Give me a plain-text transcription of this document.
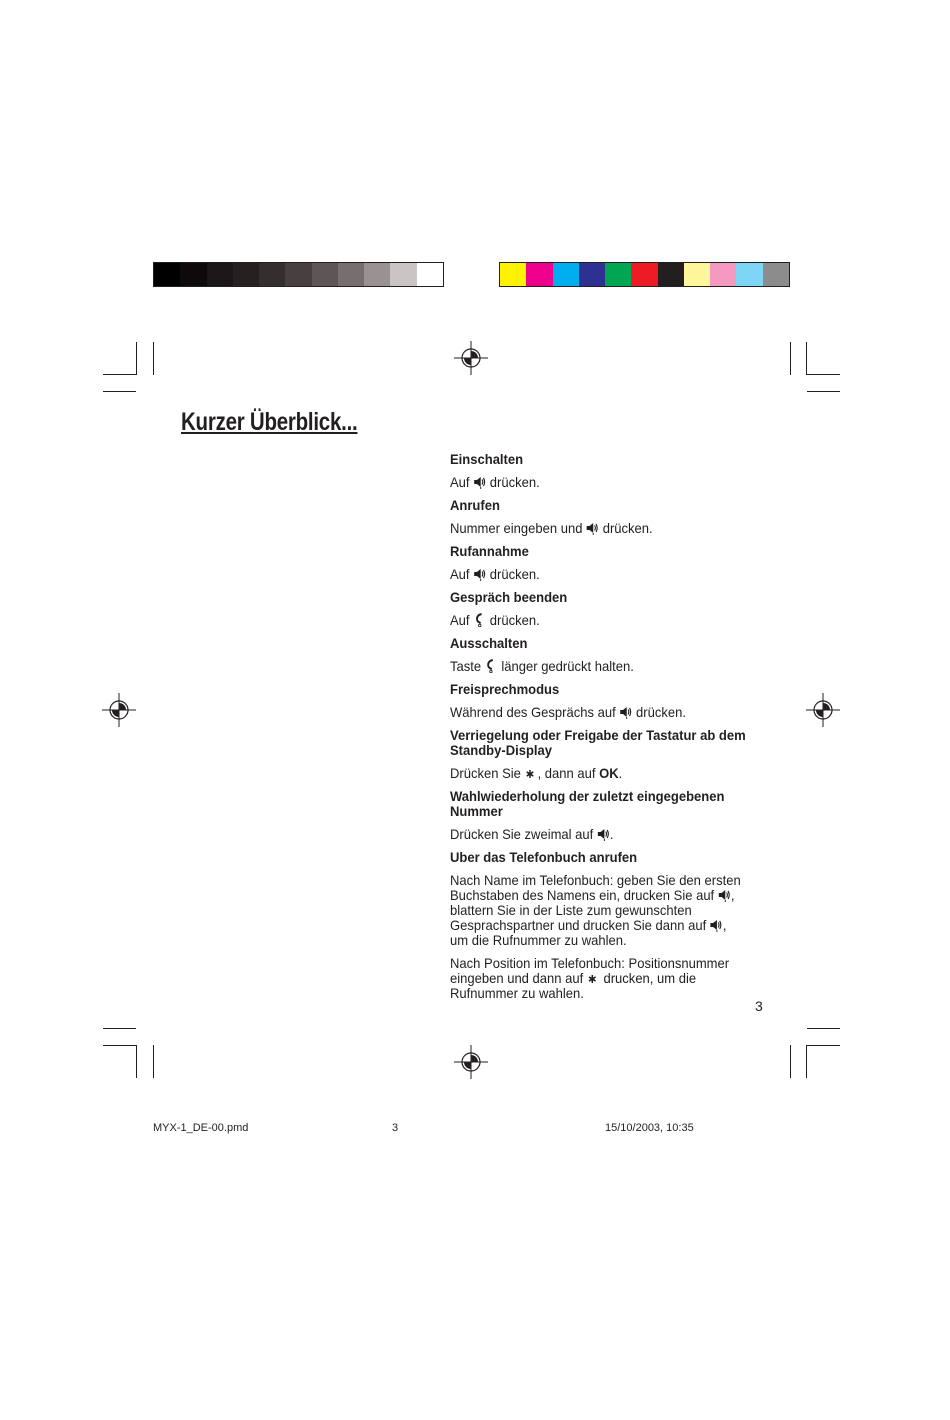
Kurzer Überblick...
Einschalten
Auf
drücken.
Anrufen
Nummer eingeben und
drücken.
Rufannahme
Auf
drücken.
Gespräch beenden
Auf
drücken.
Ausschalten
Taste
länger gedrückt halten.
Freisprechmodus
Während des Gesprächs auf
drücken.
Verriegelung oder Freigabe der Tastatur ab dem Standby-Display
Drücken Sie
, dann auf OK.
Wahlwiederholung der zuletzt eingegebenen Nummer
Drücken Sie zweimal auf
.
Uber das Telefonbuch anrufen
Nach Name im Telefonbuch: geben Sie den ersten Buchstaben des Namens ein, drucken Sie auf
, blattern Sie in der Liste zum gewunschten Gesprachspartner und drucken Sie dann auf
, um die Rufnummer zu wahlen.
Nach Position im Telefonbuch: Positionsnummer eingeben und dann auf
drucken, um die Rufnummer zu wahlen.
3
MYX-1_DE-00.pmd	3	15/10/2003, 10:35
